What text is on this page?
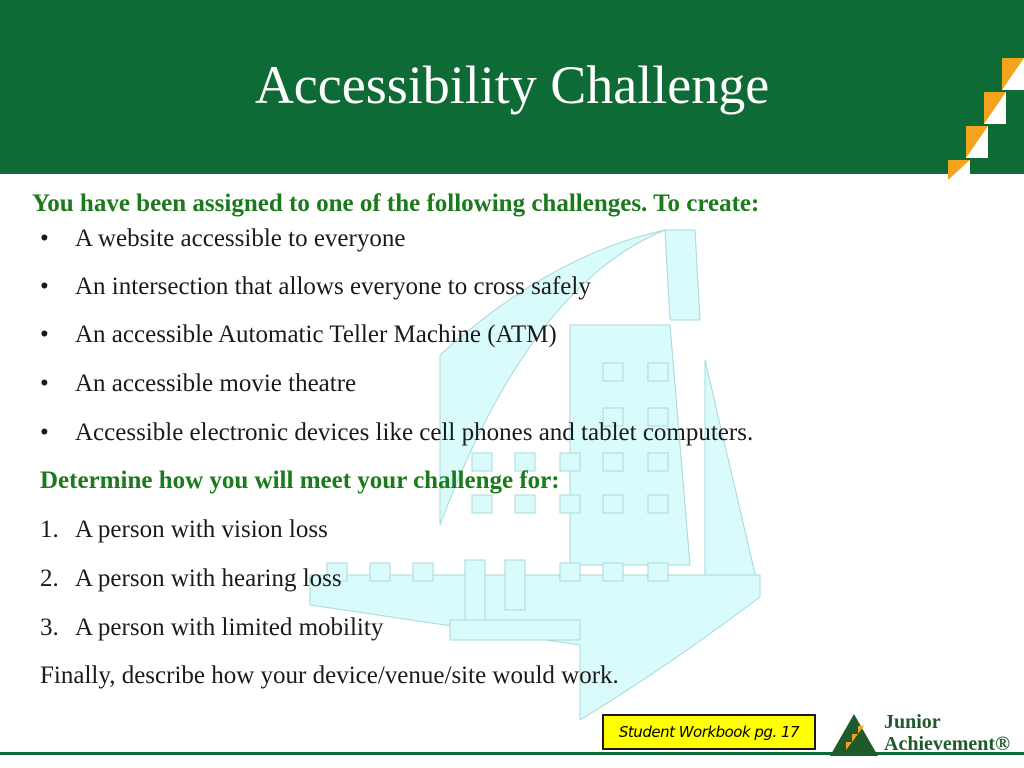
Accessibility Challenge
You have been assigned to one of the following challenges. To create:
• A website accessible to everyone
• An intersection that allows everyone to cross safely
• An accessible Automatic Teller Machine (ATM)
• An accessible movie theatre
• Accessible electronic devices like cell phones and tablet computers.
Determine how you will meet your challenge for:
1. A person with vision loss
2. A person with hearing loss
3. A person with limited mobility
Finally, describe how your device/venue/site would work.
Student Workbook pg. 17	Junior
Achievement®
